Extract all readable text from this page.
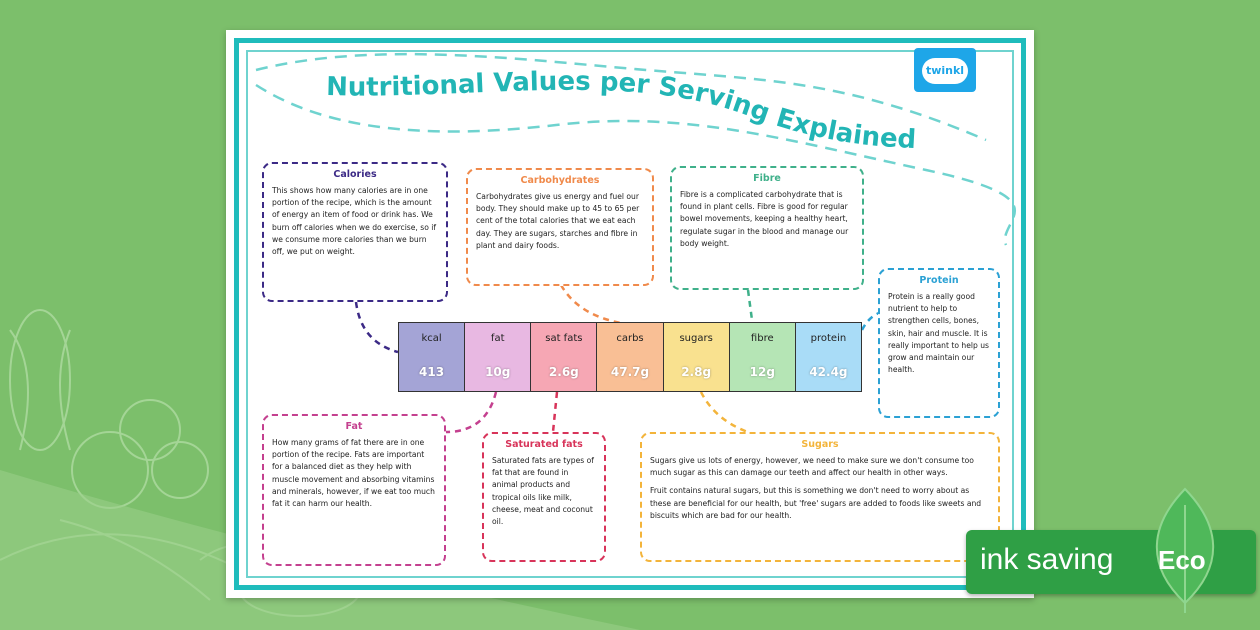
Nutritional Values per Serving Explained
twinkl
Calories

This shows how many calories are in one portion of the recipe, which is the amount of energy an item of food or drink has. We burn off calories when we do exercise, so if we consume more calories than we burn off, we put on weight.

Carbohydrates

Carbohydrates give us energy and fuel our body. They should make up to 45 to 65 per cent of the total calories that we eat each day. They are sugars, starches and fibre in plant and dairy foods.

Fibre

Fibre is a complicated carbohydrate that is found in plant cells. Fibre is good for regular bowel movements, keeping a healthy heart, regulate sugar in the blood and manage our body weight.

Protein

Protein is a really good nutrient to help to strengthen cells, bones, skin, hair and muscle. It is really important to help us grow and maintain our health.

kcal
413
fat
10g
sat fats
2.6g
carbs
47.7g
sugars
2.8g
fibre
12g
protein
42.4g
Fat

How many grams of fat there are in one portion of the recipe. Fats are important for a balanced diet as they help with muscle movement and absorbing vitamins and minerals, however, if we eat too much fat it can harm our health.

Saturated fats

Saturated fats are types of fat that are found in animal products and tropical oils like milk, cheese, meat and coconut oil.

Sugars

Sugars give us lots of energy, however, we need to make sure we don't consume too much sugar as this can damage our teeth and affect our health in other ways.

Fruit contains natural sugars, but this is something we don't need to worry about as these are beneficial for our health, but 'free' sugars are added to foods like sweets and biscuits which are bad for our health.

ink saving Eco
